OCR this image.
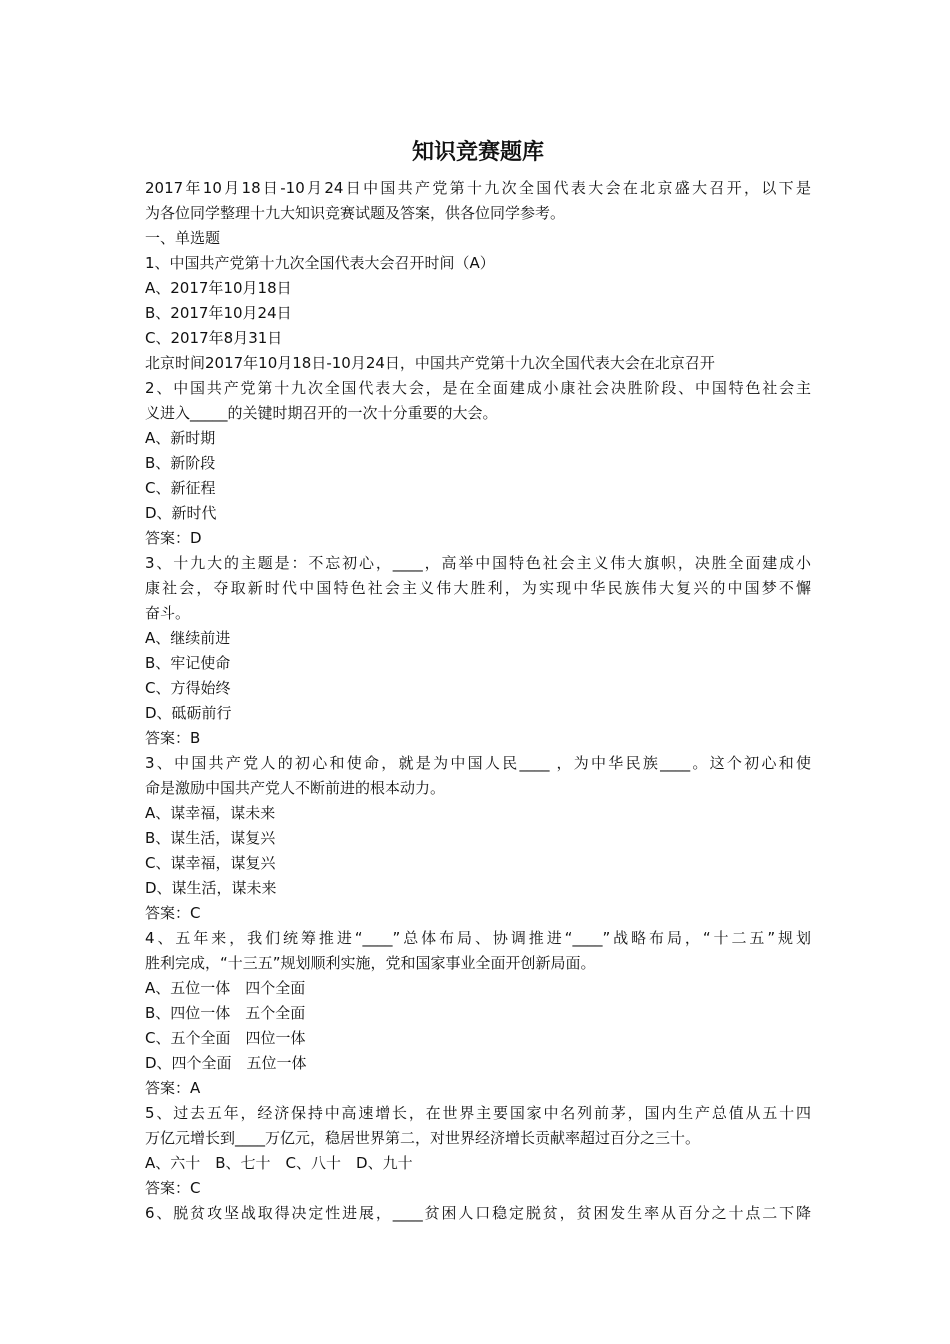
知识竞赛题库

2017年10月18日-10月24日中国共产党第十九次全国代表大会在北京盛大召开，以下是

为各位同学整理十九大知识竞赛试题及答案，供各位同学参考。

一、单选题

1、中国共产党第十九次全国代表大会召开时间（A）

A、2017年10月18日

B、2017年10月24日

C、2017年8月31日

北京时间2017年10月18日-10月24日，中国共产党第十九次全国代表大会在北京召开

2、中国共产党第十九次全国代表大会，是在全面建成小康社会决胜阶段、中国特色社会主

义进入_____的关键时期召开的一次十分重要的大会。

A、新时期

B、新阶段

C、新征程

D、新时代

答案：D

3、十九大的主题是：不忘初心，____，高举中国特色社会主义伟大旗帜，决胜全面建成小

康社会，夺取新时代中国特色社会主义伟大胜利，为实现中华民族伟大复兴的中国梦不懈

奋斗。

A、继续前进

B、牢记使命

C、方得始终

D、砥砺前行

答案：B

3、中国共产党人的初心和使命，就是为中国人民____ ，为中华民族____。这个初心和使

命是激励中国共产党人不断前进的根本动力。

A、谋幸福，谋未来

B、谋生活，谋复兴

C、谋幸福，谋复兴

D、谋生活，谋未来

答案：C

4、五年来，我们统筹推进“____”总体布局、协调推进“____”战略布局，“十二五”规划

胜利完成，“十三五”规划顺利实施，党和国家事业全面开创新局面。

A、五位一体　四个全面

B、四位一体　五个全面

C、五个全面　四位一体

D、四个全面　五位一体

答案：A

5、过去五年，经济保持中高速增长，在世界主要国家中名列前茅，国内生产总值从五十四

万亿元增长到____万亿元，稳居世界第二，对世界经济增长贡献率超过百分之三十。

A、六十　B、七十　C、八十　D、九十

答案：C

6、脱贫攻坚战取得决定性进展，____贫困人口稳定脱贫，贫困发生率从百分之十点二下降
